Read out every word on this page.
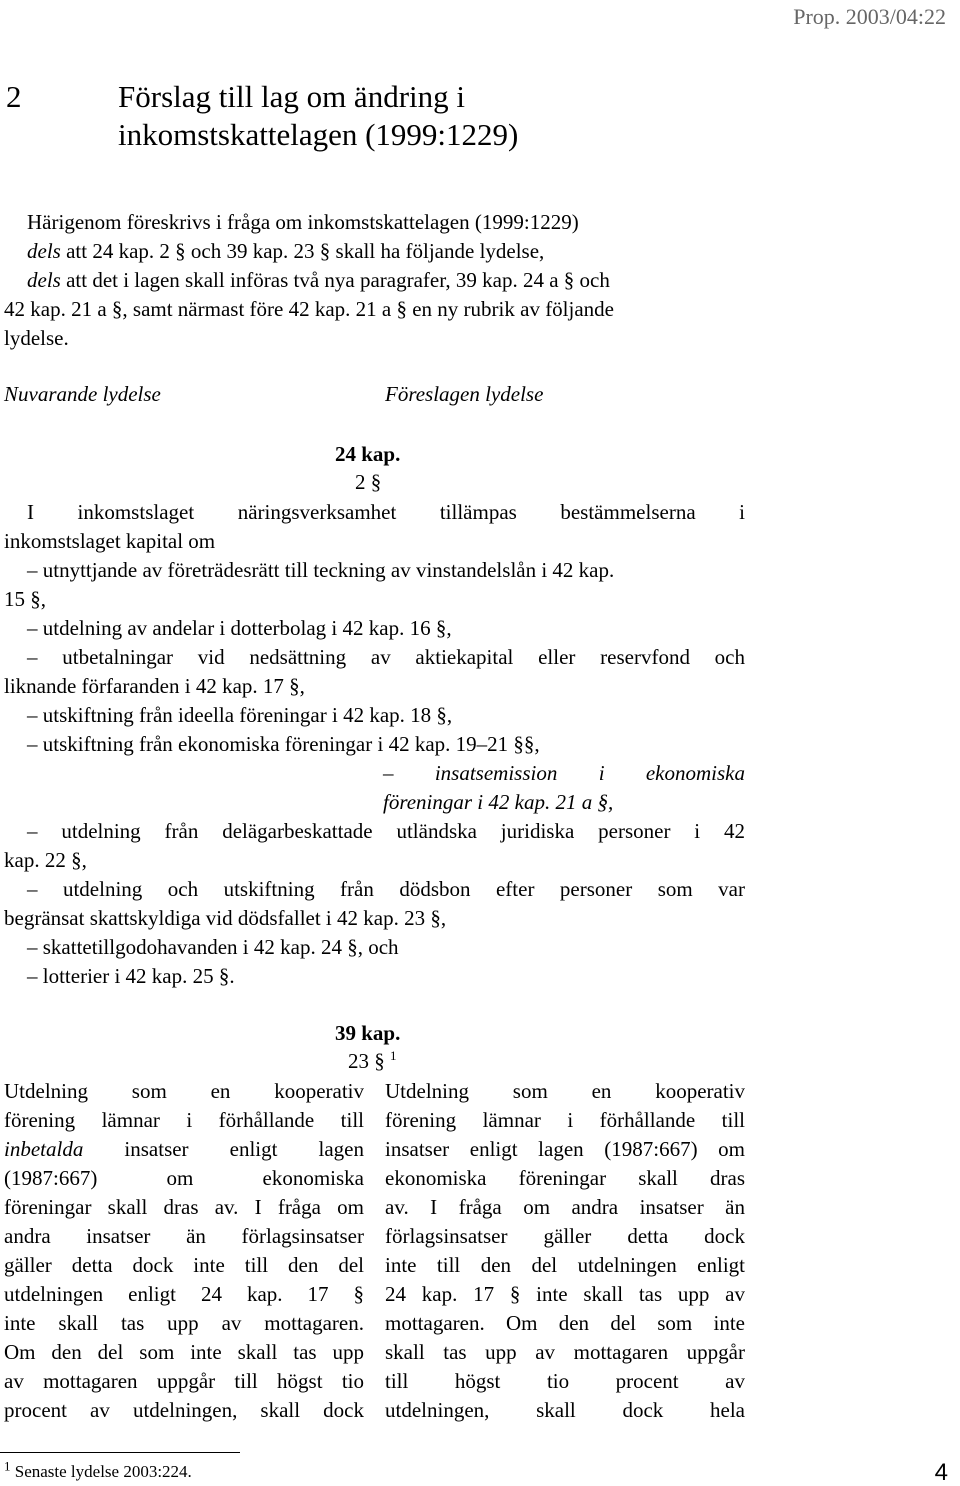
Prop. 2003/04:22
2	Förslag till lag om ändring i
inkomstskattelagen (1999:1229)
Härigenom föreskrivs i fråga om inkomstskattelagen (1999:1229)
dels att 24 kap. 2 § och 39 kap. 23 § skall ha följande lydelse,
dels att det i lagen skall införas två nya paragrafer, 39 kap. 24 a § och
42 kap. 21 a §, samt närmast före 42 kap. 21 a § en ny rubrik av följande
lydelse.
Nuvarande lydelse	Föreslagen lydelse
24 kap.
2 §
I inkomstslaget näringsverksamhet tillämpas bestämmelserna i
inkomstslaget kapital om
– utnyttjande av företrädesrätt till teckning av vinstandelslån i 42 kap.
15 §,
– utdelning av andelar i dotterbolag i 42 kap. 16 §,
– utbetalningar vid nedsättning av aktiekapital eller reservfond och
liknande förfaranden i 42 kap. 17 §,
– utskiftning från ideella föreningar i 42 kap. 18 §,
– utskiftning från ekonomiska föreningar i 42 kap. 19–21 §§,
– insatsemission i ekonomiska
föreningar i 42 kap. 21 a §,
– utdelning från delägarbeskattade utländska juridiska personer i 42
kap. 22 §,
– utdelning och utskiftning från dödsbon efter personer som var
begränsat skattskyldiga vid dödsfallet i 42 kap. 23 §,
– skattetillgodohavanden i 42 kap. 24 §, och
– lotterier i 42 kap. 25 §.
39 kap.
23 § $^1$
Utdelning som en kooperativ
förening lämnar i förhållande till
inbetalda insatser enligt lagen
(1987:667) om ekonomiska
föreningar skall dras av. I fråga om
andra insatser än förlagsinsatser
gäller detta dock inte till den del
utdelningen enligt 24 kap. 17 §
inte skall tas upp av mottagaren.
Om den del som inte skall tas upp
av mottagaren uppgår till högst tio
procent av utdelningen, skall dock
Utdelning som en kooperativ
förening lämnar i förhållande till
insatser enligt lagen (1987:667) om
ekonomiska föreningar skall dras
av. I fråga om andra insatser än
förlagsinsatser gäller detta dock
inte till den del utdelningen enligt
24 kap. 17 § inte skall tas upp av
mottagaren. Om den del som inte
skall tas upp av mottagaren uppgår
till högst tio procent av
utdelningen, skall dock hela
$^1$ Senaste lydelse 2003:224.	4
